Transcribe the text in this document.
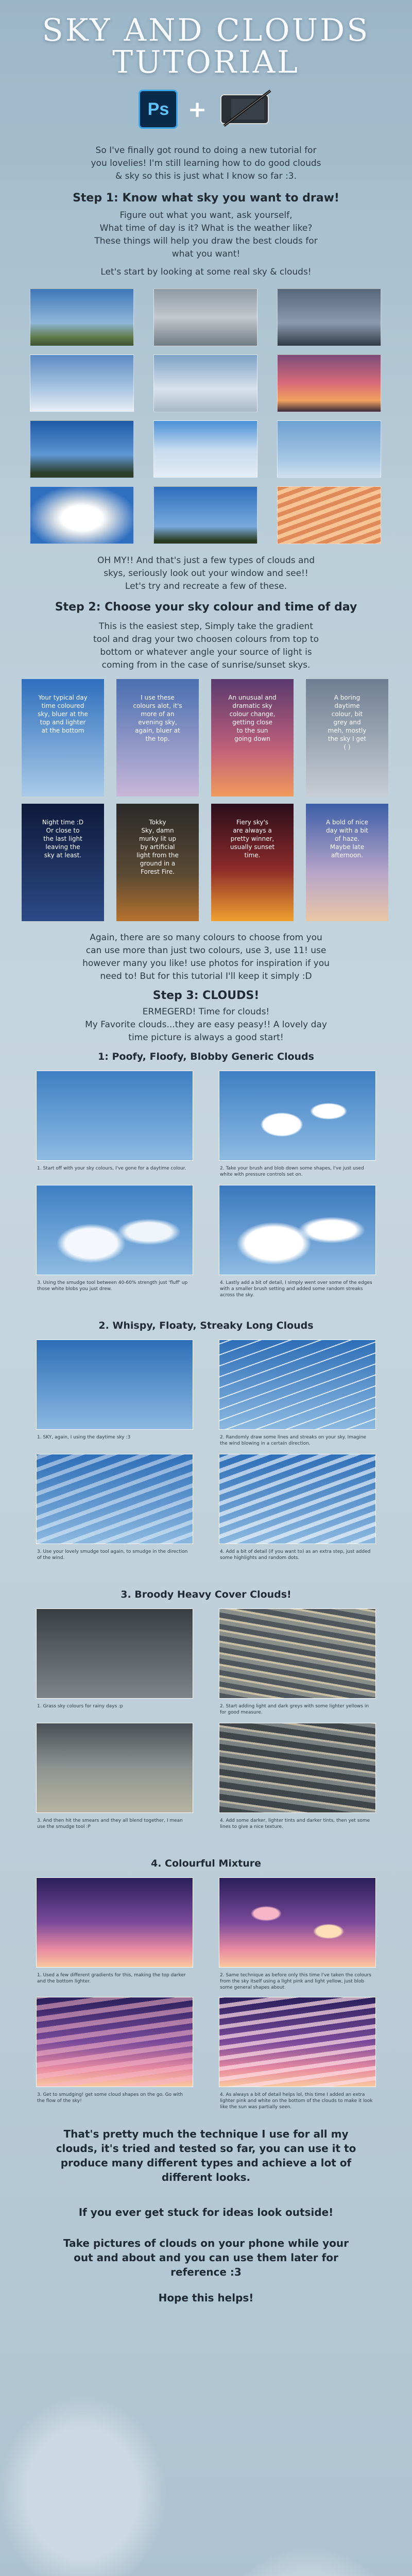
SKY AND CLOUDS
TUTORIAL
Ps +
So I've finally got round to doing a new tutorial for
you lovelies! I'm still learning how to do good clouds
& sky so this is just what I know so far :3.
Step 1: Know what sky you want to draw!
Figure out what you want, ask yourself,
What time of day is it? What is the weather like?
These things will help you draw the best clouds for
what you want!
Let's start by looking at some real sky & clouds!
OH MY!! And that's just a few types of clouds and
skys, seriously look out your window and see!!
Let's try and recreate a few of these.
Step 2: Choose your sky colour and time of day
This is the easiest step, Simply take the gradient
tool and drag your two choosen colours from top to
bottom or whatever angle your source of light is
coming from in the case of sunrise/sunset skys.
Your typical day
time coloured
sky, bluer at the
top and lighter
at the bottom
I use these
colours alot, it's
more of an
evening sky,
again, bluer at
the top.
An unusual and
dramatic sky
colour change,
getting close
to the sun
going down
A boring
daytime
colour, bit
grey and
meh, mostly
the sky I get
( )
Night time :D
Or close to
the last light
leaving the
sky at least.
Tokky
Sky, damn
murky lit up
by artificial
light from the
ground in a
Forest Fire.
Fiery sky's
are always a
pretty winner,
usually sunset
time.
A bold of nice
day with a bit
of haze.
Maybe late
afternoon.
Again, there are so many colours to choose from you
can use more than just two colours, use 3, use 11! use
however many you like! use photos for inspiration if you
need to! But for this tutorial I'll keep it simply :D
Step 3: CLOUDS!
ERMEGERD! Time for clouds!
My Favorite clouds...they are easy peasy!! A lovely day
time picture is always a good start!
1: Poofy, Floofy, Blobby Generic Clouds
1. Start off with your sky colours, I've gone for a daytime colour.	2. Take your brush and blob down some shapes, I've just used white with pressure controls set on.
3. Using the smudge tool between 40-60% strength just 'fluff' up those white blobs you just drew.
4. Lastly add a bit of detail, I simply went over some of the edges with a smaller brush setting and added some random streaks across the sky.
2. Whispy, Floaty, Streaky Long Clouds
1. SKY, again, I using the daytime sky :3	2. Randomly draw some lines and streaks on your sky. Imagine the wind blowing in a certain direction.
3. Use your lovely smudge tool again, to smudge in the direction of the wind.
4. Add a bit of detail (if you want to) as an extra step, just added some highlights and random dots.
3. Broody Heavy Cover Clouds!
1. Grass sky colours for rainy days :p	2. Start adding light and dark greys with some lighter yellows in for good measure.
3. And then hit the smears and they all blend together, I mean use the smudge tool :P
4. Add some darker, lighter tints and darker tints, then yet some lines to give a nice texture.
4. Colourful Mixture
1. Used a few different gradients for this, making the top darker and the bottom lighter.
2. Same technique as before only this time I've taken the colours from the sky itself using a light pink and light yellow, just blob some general shapes about.
3. Get to smudging! get some cloud shapes on the go. Go with the flow of the sky!
4. As always a bit of detail helps lol, this time I added an extra lighter pink and white on the bottom of the clouds to make it look like the sun was partially seen.
That's pretty much the technique I use for all my
clouds, it's tried and tested so far, you can use it to
produce many different types and achieve a lot of
different looks.
If you ever get stuck for ideas look outside!
Take pictures of clouds on your phone while your
out and about and you can use them later for
reference :3
Hope this helps!
